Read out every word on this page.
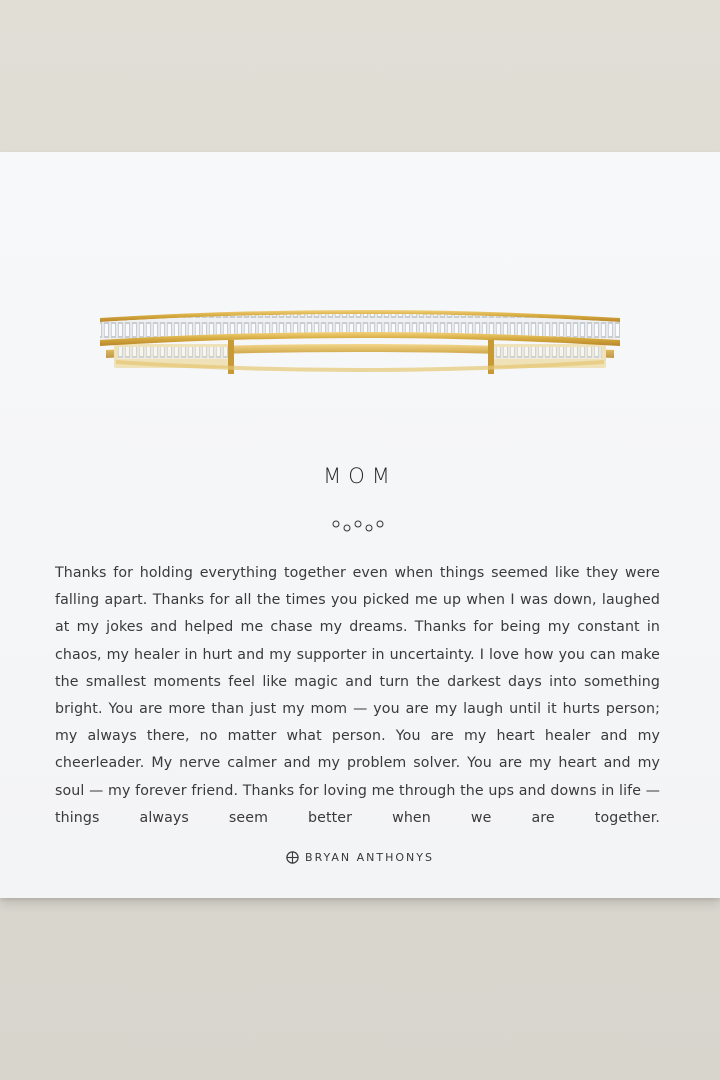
MOM
Thanks for holding everything together even when things seemed like they were falling apart. Thanks for all the times you picked me up when I was down, laughed at my jokes and helped me chase my dreams. Thanks for being my constant in chaos, my healer in hurt and my supporter in uncertainty. I love how you can make the smallest moments feel like magic and turn the darkest days into something bright. You are more than just my mom — you are my laugh until it hurts person; my always there, no matter what person. You are my heart healer and my cheerleader. My nerve calmer and my problem solver. You are my heart and my soul — my forever friend. Thanks for loving me through the ups and downs in life — things always seem better when we are together.
BRYAN ANTHONYS
